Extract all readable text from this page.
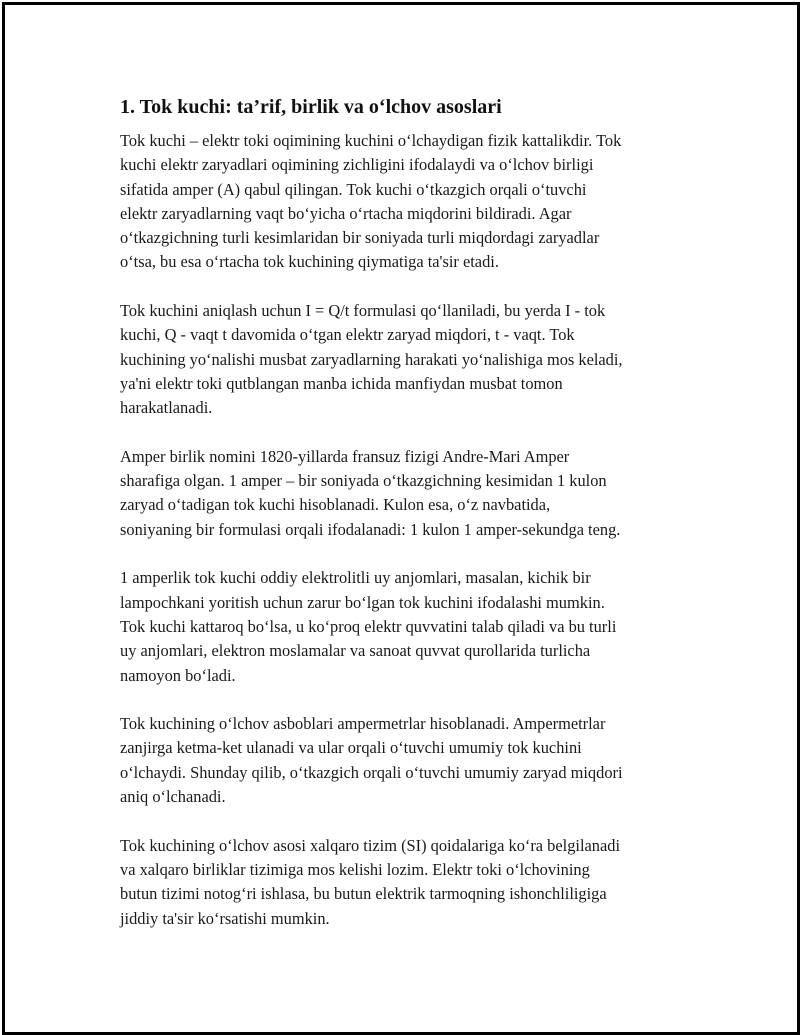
1. Tok kuchi: ta’rif, birlik va o‘lchov asoslari

Tok kuchi – elektr toki oqimining kuchini o‘lchaydigan fizik kattalikdir. Tok
kuchi elektr zaryadlari oqimining zichligini ifodalaydi va o‘lchov birligi
sifatida amper (A) qabul qilingan. Tok kuchi o‘tkazgich orqali o‘tuvchi
elektr zaryadlarning vaqt bo‘yicha o‘rtacha miqdorini bildiradi. Agar
o‘tkazgichning turli kesimlaridan bir soniyada turli miqdordagi zaryadlar
o‘tsa, bu esa o‘rtacha tok kuchining qiymatiga ta'sir etadi.

Tok kuchini aniqlash uchun I = Q/t formulasi qo‘llaniladi, bu yerda I - tok
kuchi, Q - vaqt t davomida o‘tgan elektr zaryad miqdori, t - vaqt. Tok
kuchining yo‘nalishi musbat zaryadlarning harakati yo‘nalishiga mos keladi,
ya'ni elektr toki qutblangan manba ichida manfiydan musbat tomon
harakatlanadi.

Amper birlik nomini 1820-yillarda fransuz fizigi Andre-Mari Amper
sharafiga olgan. 1 amper – bir soniyada o‘tkazgichning kesimidan 1 kulon
zaryad o‘tadigan tok kuchi hisoblanadi. Kulon esa, o‘z navbatida,
soniyaning bir formulasi orqali ifodalanadi: 1 kulon 1 amper-sekundga teng.

1 amperlik tok kuchi oddiy elektrolitli uy anjomlari, masalan, kichik bir
lampochkani yoritish uchun zarur bo‘lgan tok kuchini ifodalashi mumkin.
Tok kuchi kattaroq bo‘lsa, u ko‘proq elektr quvvatini talab qiladi va bu turli
uy anjomlari, elektron moslamalar va sanoat quvvat qurollarida turlicha
namoyon bo‘ladi.

Tok kuchining o‘lchov asboblari ampermetrlar hisoblanadi. Ampermetrlar
zanjirga ketma-ket ulanadi va ular orqali o‘tuvchi umumiy tok kuchini
o‘lchaydi. Shunday qilib, o‘tkazgich orqali o‘tuvchi umumiy zaryad miqdori
aniq o‘lchanadi.

Tok kuchining o‘lchov asosi xalqaro tizim (SI) qoidalariga ko‘ra belgilanadi
va xalqaro birliklar tizimiga mos kelishi lozim. Elektr toki o‘lchovining
butun tizimi notog‘ri ishlasa, bu butun elektrik tarmoqning ishonchliligiga
jiddiy ta'sir ko‘rsatishi mumkin.
